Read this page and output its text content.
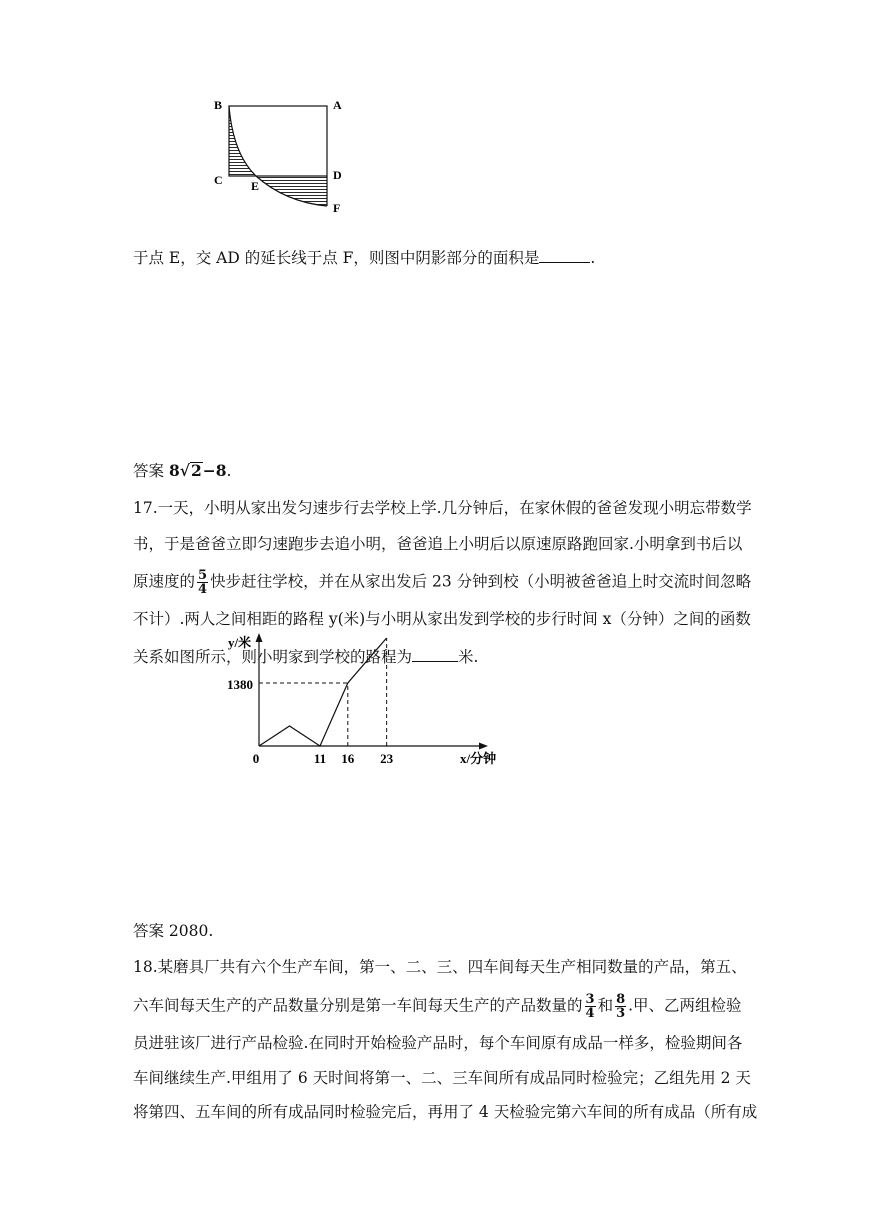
B	A
C	D
E
F
于点 E，交 AD 的延长线于点 F，则图中阴影部分的面积是	.
答案 8√2−8.
17.一天，小明从家出发匀速步行去学校上学.几分钟后，在家休假的爸爸发现小明忘带数学
书，于是爸爸立即匀速跑步去追小明，爸爸追上小明后以原速原路跑回家.小明拿到书后以
原速度的 $\frac{5}{4}$ 快步赶往学校，并在从家出发后 23 分钟到校（小明被爸爸追上时交流时间忽略
不计）.两人之间相距的路程 y(米)与小明从家出发到学校的步行时间 x（分钟）之间的函数
关系如图所示，则小明家到学校的路程为	米.
y/米
1380
0	11 16 23	x/分钟
答案 2080.
18.某磨具厂共有六个生产车间，第一、二、三、四车间每天生产相同数量的产品，第五、
六车间每天生产的产品数量分别是第一车间每天生产的产品数量的 $\frac{3}{4}$ 和 $\frac{8}{3}$ .甲、乙两组检验
员进驻该厂进行产品检验.在同时开始检验产品时，每个车间原有成品一样多，检验期间各
车间继续生产.甲组用了 6 天时间将第一、二、三车间所有成品同时检验完；乙组先用 2 天
将第四、五车间的所有成品同时检验完后，再用了 4 天检验完第六车间的所有成品（所有成
